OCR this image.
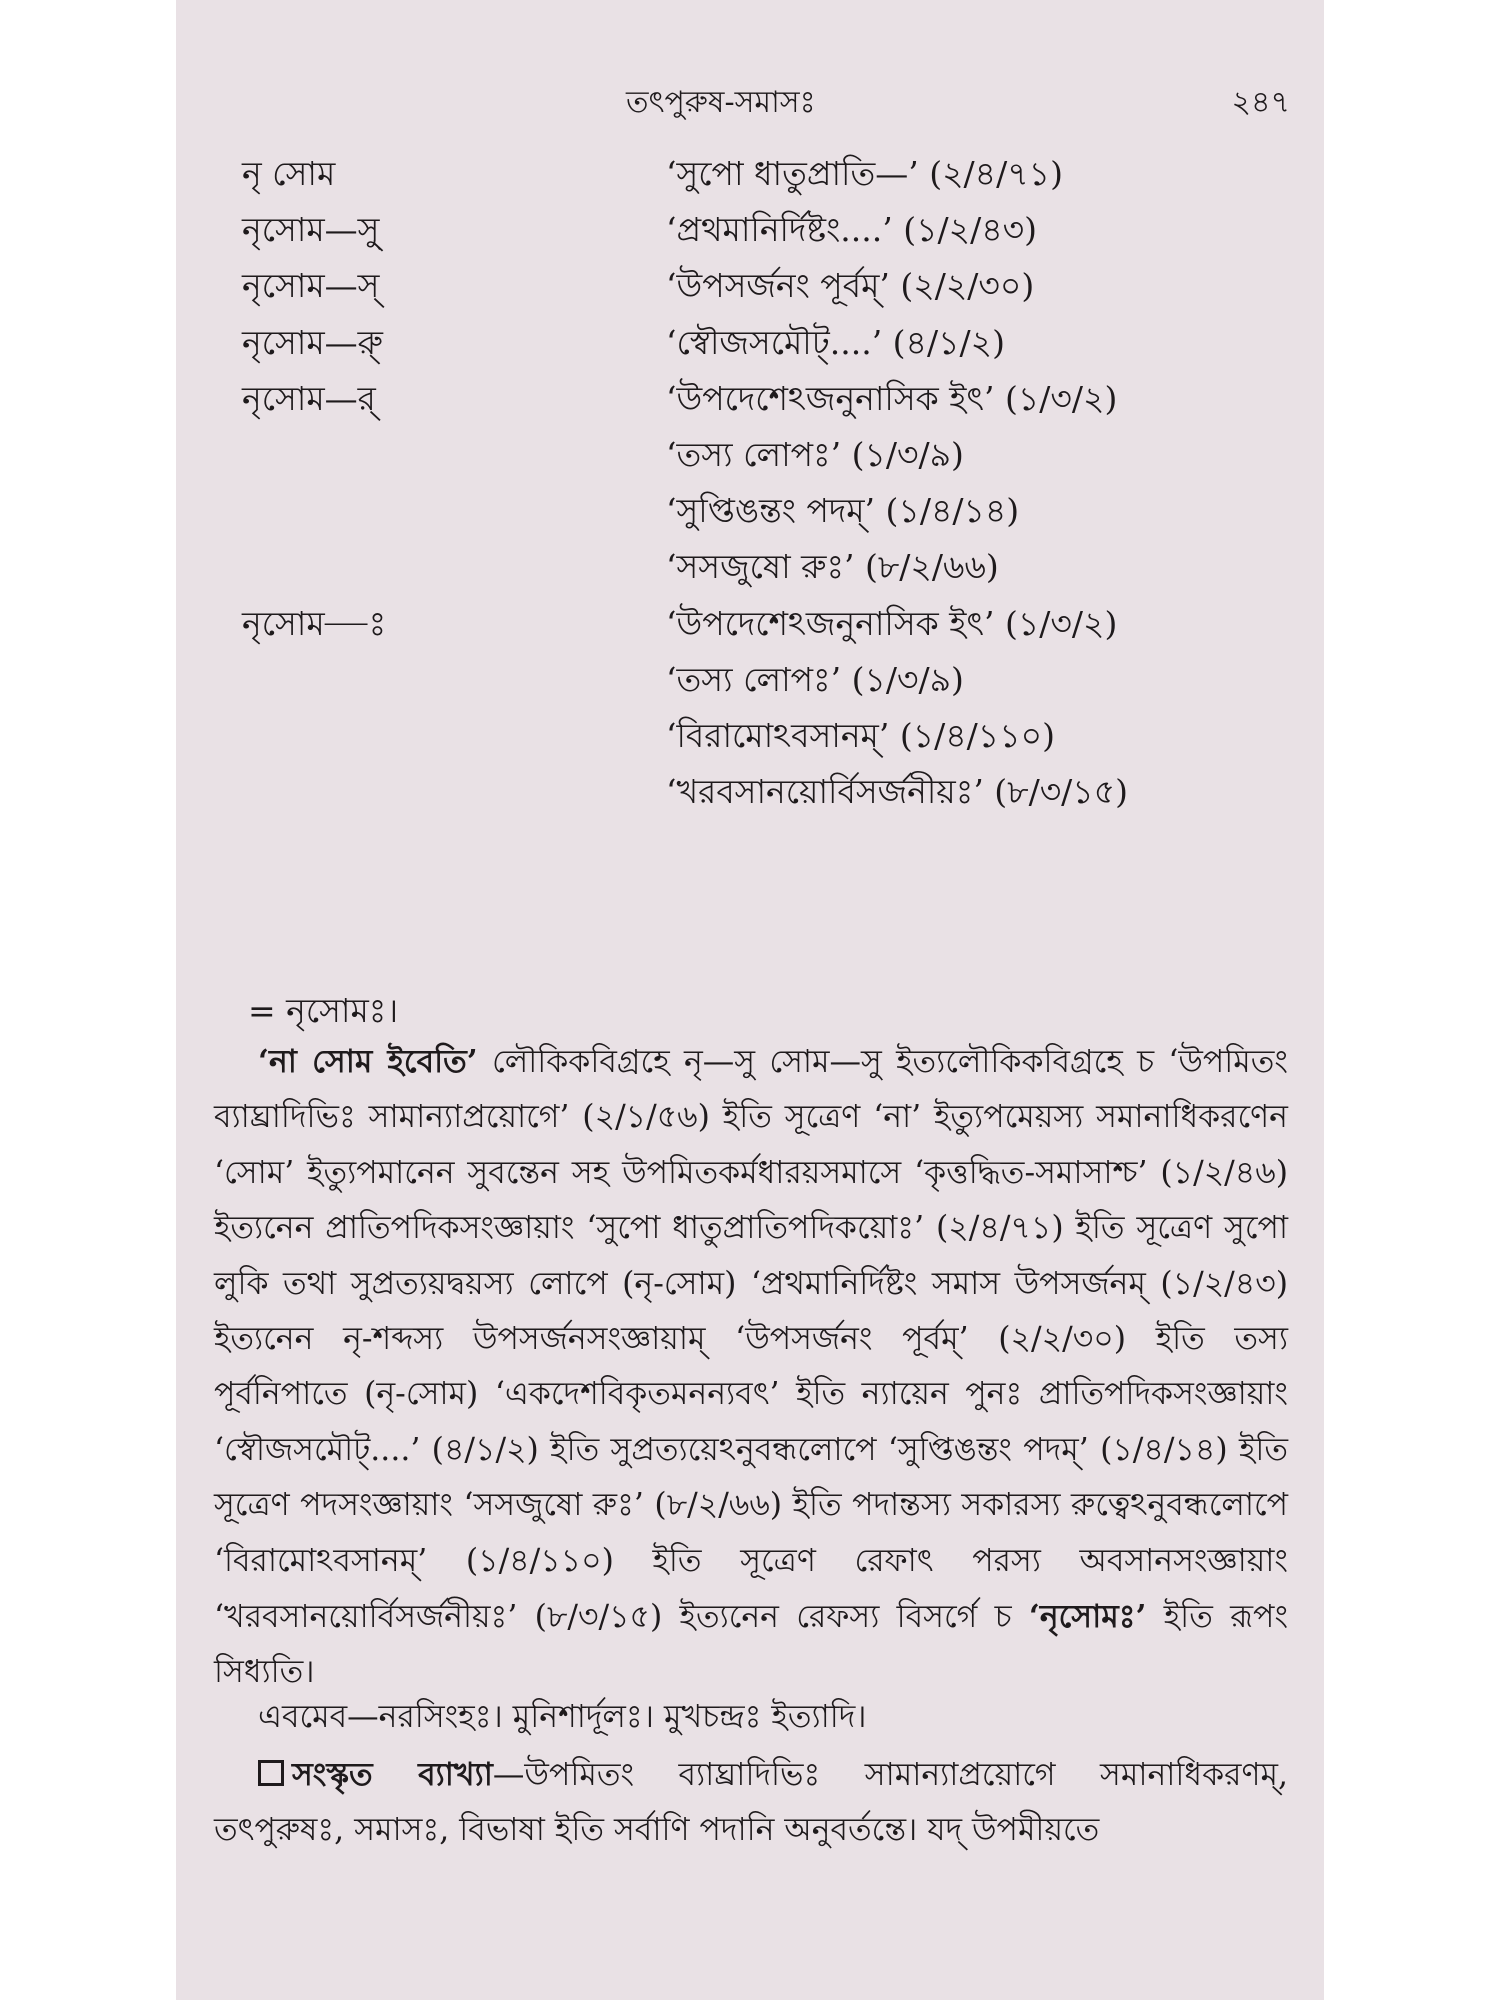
তৎপুরুষ-সমাসঃ	২৪৭
নৃ সোম	‘সুপো ধাতুপ্রাতি—’ (২/৪/৭১)
নৃসোম—সু্	‘প্রথমানির্দিষ্টং....’ (১/২/৪৩)
নৃসোম—স্	‘উপসর্জনং পূর্বম্’ (২/২/৩০)
নৃসোম—রু্	‘স্বৌজসমৌট্....’ (৪/১/২)
নৃসোম—র্	‘উপদেশেঽজনুনাসিক ইৎ’ (১/৩/২)
‘তস্য লোপঃ’ (১/৩/৯)
‘সুপ্তিঙন্তং পদম্’ (১/৪/১৪)
‘সসজুষো রুঃ’ (৮/২/৬৬)
নৃসোম—ঃ	‘উপদেশেঽজনুনাসিক ইৎ’ (১/৩/২)
‘তস্য লোপঃ’ (১/৩/৯)
‘বিরামোঽবসানম্’ (১/৪/১১০)
‘খরবসানয়োর্বিসর্জনীয়ঃ’ (৮/৩/১৫)
= নৃসোমঃ।

‘না সোম ইবেতি’ লৌকিকবিগ্রহে নৃ—সু সোম—সু ইত্যলৌকিকবিগ্রহে চ ‘উপমিতং ব্যাঘ্রাদিভিঃ সামান্যাপ্রয়োগে’ (২/১/৫৬) ইতি সূত্রেণ ‘না’ ইত্যুপমেয়স্য সমানাধিকরণেন ‘সোম’ ইত্যুপমানেন সুবন্তেন সহ উপমিতকর্মধারয়সমাসে ‘কৃত্তদ্ধিত-সমাসাশ্চ’ (১/২/৪৬) ইত্যনেন প্রাতিপদিকসংজ্ঞায়াং ‘সুপো ধাতুপ্রাতিপদিকয়োঃ’ (২/৪/৭১) ইতি সূত্রেণ সুপো লুকি তথা সুপ্রত্যয়দ্বয়স্য লোপে (নৃ-সোম) ‘প্রথমানির্দিষ্টং সমাস উপসর্জনম্ (১/২/৪৩) ইত্যনেন নৃ-শব্দস্য উপসর্জনসংজ্ঞায়াম্ ‘উপসর্জনং পূর্বম্’ (২/২/৩০) ইতি তস্য পূর্বনিপাতে (নৃ-সোম) ‘একদেশবিকৃতমনন্যবৎ’ ইতি ন্যায়েন পুনঃ প্রাতিপদিকসংজ্ঞায়াং ‘স্বৌজসমৌট্....’ (৪/১/২) ইতি সুপ্রত্যয়েঽনুবন্ধলোপে ‘সুপ্তিঙন্তং পদম্’ (১/৪/১৪) ইতি সূত্রেণ পদসংজ্ঞায়াং ‘সসজুষো রুঃ’ (৮/২/৬৬) ইতি পদান্তস্য সকারস্য রুত্বেঽনুবন্ধলোপে ‘বিরামোঽবসানম্’ (১/৪/১১০) ইতি সূত্রেণ রেফাৎ পরস্য অবসানসংজ্ঞায়াং ‘খরবসানয়োর্বিসর্জনীয়ঃ’ (৮/৩/১৫) ইত্যনেন রেফস্য বিসর্গে চ ‘নৃসোমঃ’ ইতি রূপং সিধ্যতি।

এবমেব—নরসিংহঃ। মুনিশার্দূলঃ। মুখচন্দ্রঃ ইত্যাদি।

সংস্কৃত ব্যাখ্যা—উপমিতং ব্যাঘ্রাদিভিঃ সামান্যাপ্রয়োগে সমানাধিকরণম্, তৎপুরুষঃ, সমাসঃ, বিভাষা ইতি সর্বাণি পদানি অনুবর্তন্তে। যদ্ উপমীয়তে
